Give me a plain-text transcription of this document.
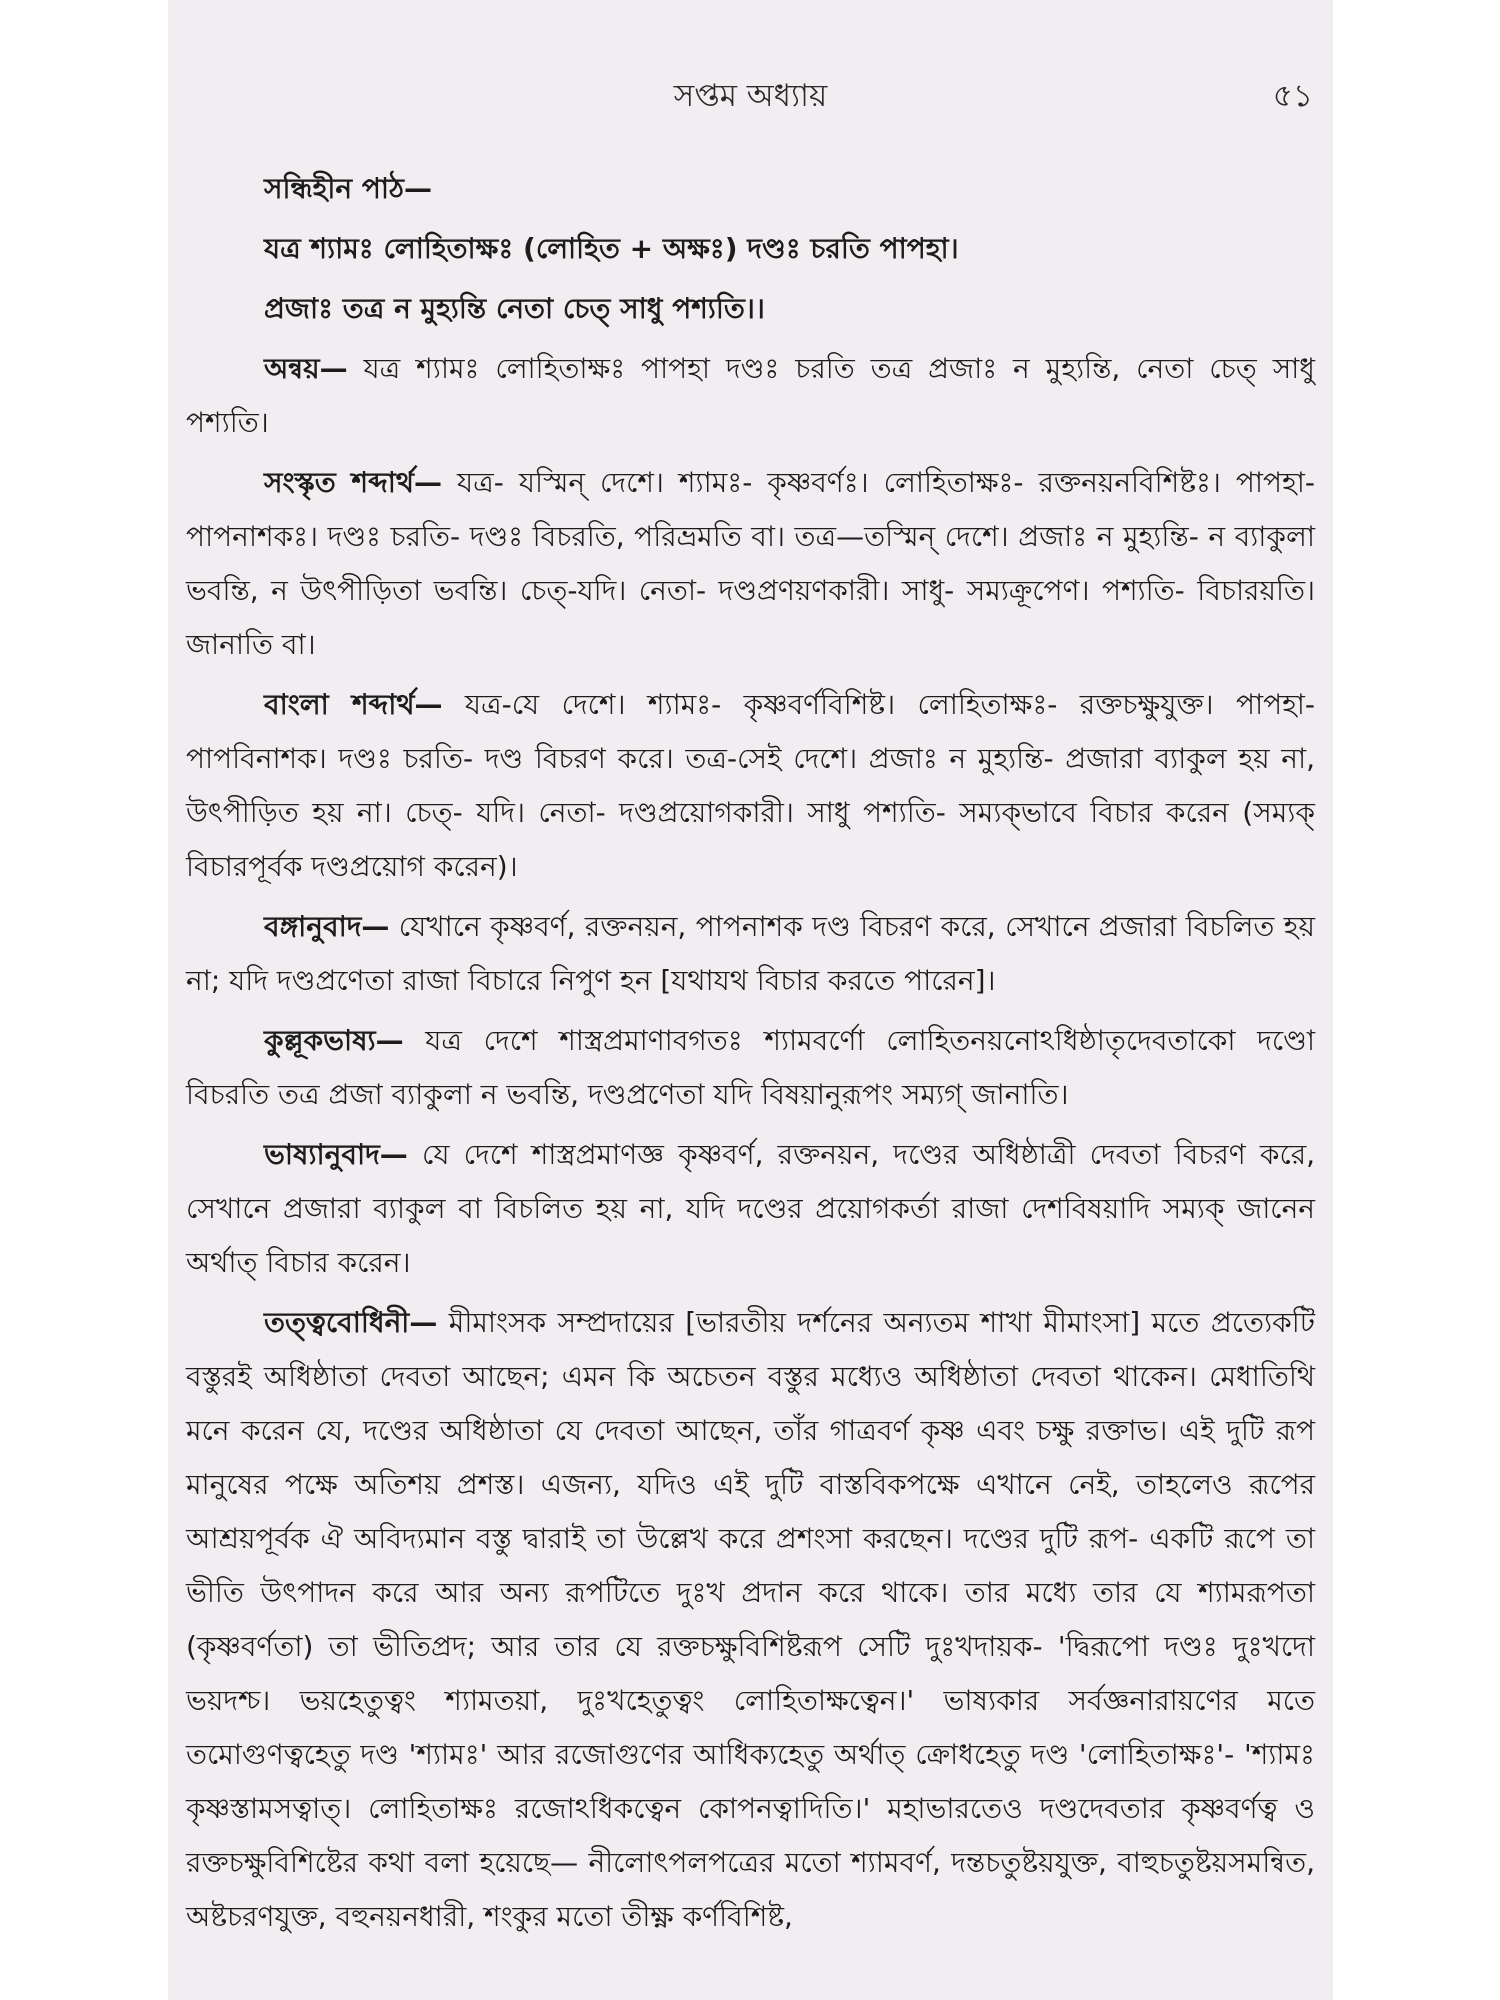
সপ্তম অধ্যায়	৫১

সন্ধিহীন পাঠ—

যত্র শ্যামঃ লোহিতাক্ষঃ (লোহিত + অক্ষঃ) দণ্ডঃ চরতি পাপহা।

প্রজাঃ তত্র ন মুহ্যন্তি নেতা চেত্ সাধু পশ্যতি।।

অন্বয়— যত্র শ্যামঃ লোহিতাক্ষঃ পাপহা দণ্ডঃ চরতি তত্র প্রজাঃ ন মুহ্যন্তি, নেতা চেত্ সাধু পশ্যতি।

সংস্কৃত শব্দার্থ— যত্র- যস্মিন্ দেশে। শ্যামঃ- কৃষ্ণবর্ণঃ। লোহিতাক্ষঃ- রক্তনয়নবিশিষ্টঃ। পাপহা- পাপনাশকঃ। দণ্ডঃ চরতি- দণ্ডঃ বিচরতি, পরিভ্রমতি বা। তত্র—তস্মিন্ দেশে। প্রজাঃ ন মুহ্যন্তি- ন ব্যাকুলা ভবন্তি, ন উৎপীড়িতা ভবন্তি। চেত্-যদি। নেতা- দণ্ডপ্রণয়ণকারী। সাধু- সম্যক্রূপেণ। পশ্যতি- বিচারয়তি। জানাতি বা।

বাংলা শব্দার্থ— যত্র-যে দেশে। শ্যামঃ- কৃষ্ণবর্ণবিশিষ্ট। লোহিতাক্ষঃ- রক্তচক্ষুযুক্ত। পাপহা- পাপবিনাশক। দণ্ডঃ চরতি- দণ্ড বিচরণ করে। তত্র-সেই দেশে। প্রজাঃ ন মুহ্যন্তি- প্রজারা ব্যাকুল হয় না, উৎপীড়িত হয় না। চেত্- যদি। নেতা- দণ্ডপ্রয়োগকারী। সাধু পশ্যতি- সম্যক্ভাবে বিচার করেন (সম্যক্ বিচারপূর্বক দণ্ডপ্রয়োগ করেন)।

বঙ্গানুবাদ— যেখানে কৃষ্ণবর্ণ, রক্তনয়ন, পাপনাশক দণ্ড বিচরণ করে, সেখানে প্রজারা বিচলিত হয় না; যদি দণ্ডপ্রণেতা রাজা বিচারে নিপুণ হন [যথাযথ বিচার করতে পারেন]।

কুল্লূকভাষ্য— যত্র দেশে শাস্ত্রপ্রমাণাবগতঃ শ্যামবর্ণো লোহিতনয়নোঽধিষ্ঠাতৃদেবতাকো দণ্ডো বিচরতি তত্র প্রজা ব্যাকুলা ন ভবন্তি, দণ্ডপ্রণেতা যদি বিষয়ানুরূপং সম্যগ্ জানাতি।

ভাষ্যানুবাদ— যে দেশে শাস্ত্রপ্রমাণজ্ঞ কৃষ্ণবর্ণ, রক্তনয়ন, দণ্ডের অধিষ্ঠাত্রী দেবতা বিচরণ করে, সেখানে প্রজারা ব্যাকুল বা বিচলিত হয় না, যদি দণ্ডের প্রয়োগকর্তা রাজা দেশবিষয়াদি সম্যক্ জানেন অর্থাত্ বিচার করেন।

তত্ত্ববোধিনী— মীমাংসক সম্প্রদায়ের [ভারতীয় দর্শনের অন্যতম শাখা মীমাংসা] মতে প্রত্যেকটি বস্তুরই অধিষ্ঠাতা দেবতা আছেন; এমন কি অচেতন বস্তুর মধ্যেও অধিষ্ঠাতা দেবতা থাকেন। মেধাতিথি মনে করেন যে, দণ্ডের অধিষ্ঠাতা যে দেবতা আছেন, তাঁর গাত্রবর্ণ কৃষ্ণ এবং চক্ষু রক্তাভ। এই দুটি রূপ মানুষের পক্ষে অতিশয় প্রশস্ত। এজন্য, যদিও এই দুটি বাস্তবিকপক্ষে এখানে নেই, তাহলেও রূপের আশ্রয়পূর্বক ঐ অবিদ্যমান বস্তু দ্বারাই তা উল্লেখ করে প্রশংসা করছেন। দণ্ডের দুটি রূপ- একটি রূপে তা ভীতি উৎপাদন করে আর অন্য রূপটিতে দুঃখ প্রদান করে থাকে। তার মধ্যে তার যে শ্যামরূপতা (কৃষ্ণবর্ণতা) তা ভীতিপ্রদ; আর তার যে রক্তচক্ষুবিশিষ্টরূপ সেটি দুঃখদায়ক- 'দ্বিরূপো দণ্ডঃ দুঃখদো ভয়দশ্চ। ভয়হেতুত্বং শ্যামতয়া, দুঃখহেতুত্বং লোহিতাক্ষত্বেন।' ভাষ্যকার সর্বজ্ঞনারায়ণের মতে তমোগুণত্বহেতু দণ্ড 'শ্যামঃ' আর রজোগুণের আধিক্যহেতু অর্থাত্ ক্রোধহেতু দণ্ড 'লোহিতাক্ষঃ'- 'শ্যামঃ কৃষ্ণস্তামসত্বাত্। লোহিতাক্ষঃ রজোঽধিকত্বেন কোপনত্বাদিতি।' মহাভারতেও দণ্ডদেবতার কৃষ্ণবর্ণত্ব ও রক্তচক্ষুবিশিষ্টের কথা বলা হয়েছে— নীলোৎপলপত্রের মতো শ্যামবর্ণ, দন্তচতুষ্টয়যুক্ত, বাহুচতুষ্টয়সমন্বিত, অষ্টচরণযুক্ত, বহুনয়নধারী, শংকুর মতো তীক্ষ্ণ কর্ণবিশিষ্ট,
